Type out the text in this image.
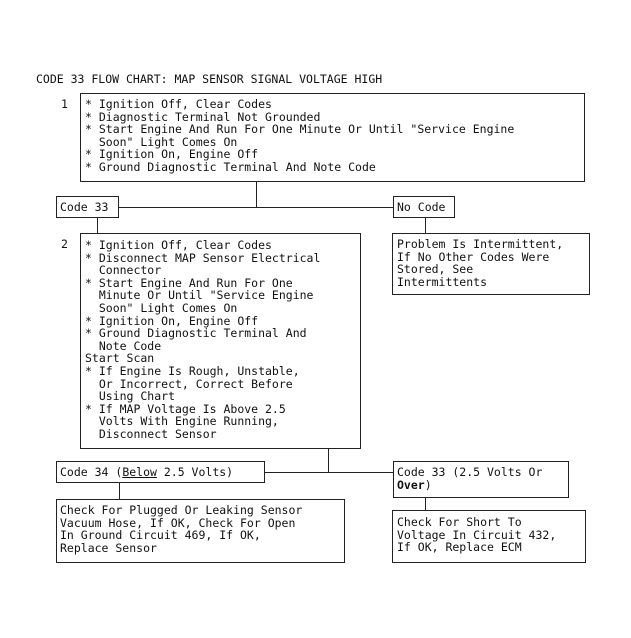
CODE 33 FLOW CHART: MAP SENSOR SIGNAL VOLTAGE HIGH
1 * Ignition Off, Clear Codes
* Diagnostic Terminal Not Grounded
* Start Engine And Run For One Minute Or Until "Service Engine
Soon" Light Comes On
* Ignition On, Engine Off
* Ground Diagnostic Terminal And Note Code
Code 33	No Code
Problem Is Intermittent,
If No Other Codes Were
Stored, See
Intermittents
2 * Ignition Off, Clear Codes
* Disconnect MAP Sensor Electrical
Connector
* Start Engine And Run For One
Minute Or Until "Service Engine
Soon" Light Comes On
* Ignition On, Engine Off
* Ground Diagnostic Terminal And
Note Code
Start Scan
* If Engine Is Rough, Unstable,
Or Incorrect, Correct Before
Using Chart
* If MAP Voltage Is Above 2.5
Volts With Engine Running,
Disconnect Sensor
Code 34 (Below 2.5 Volts)	Code 33 (2.5 Volts Or
Over)
Check For Plugged Or Leaking Sensor
Vacuum Hose, If OK, Check For Open
In Ground Circuit 469, If OK,
Replace Sensor
Check For Short To
Voltage In Circuit 432,
If OK, Replace ECM
